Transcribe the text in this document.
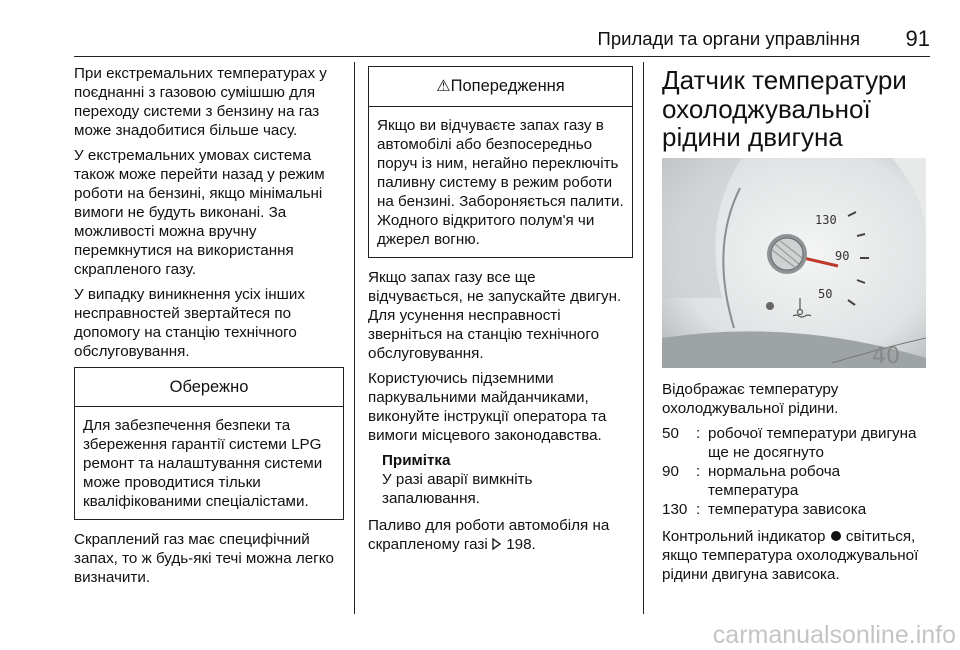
Прилади та органи управління	91

При екстремальних температурах у поєднанні з газовою сумішшю для переходу системи з бензину на газ може знадобитися більше часу.

У екстремальних умовах система також може перейти назад у режим роботи на бензині, якщо мінімальні вимоги не будуть виконані. За можливості можна вручну перемкнутися на використання скрапленого газу.

У випадку виникнення усіх інших несправностей звертайтеся по допомогу на станцію технічного обслуговування.

Обережно
Для забезпечення безпеки та збереження гарантії системи LPG ремонт та налаштування системи може проводитися тільки кваліфікованими спеціалістами.

Скраплений газ має специфічний запах, то ж будь-які течі можна легко визначити.

⚠Попередження
Якщо ви відчуваєте запах газу в автомобілі або безпосередньо поруч із ним, негайно переключіть паливну систему в режим роботи на бензині. Забороняється палити. Жодного відкритого полум'я чи джерел вогню.

Якщо запах газу все ще відчувається, не запускайте двигун. Для усунення несправності зверніться на станцію технічного обслуговування.

Користуючись підземними паркувальними майданчиками, виконуйте інструкції оператора та вимоги місцевого законодавства.

Примітка
У разі аварії вимкніть запалювання.

Паливо для роботи автомобіля на скрапленому газі 198.

Датчик температури охолоджувальної рідини двигуна
130
90
50
40

Відображає температуру охолоджувальної рідини.

50	: робочої температури двигуна ще не досягнуто
90	: нормальна робоча температура
130 : температура зависока

Контрольний індикатор світиться, якщо температура охолоджувальної рідини двигуна зависока.

carmanualsonline.info
